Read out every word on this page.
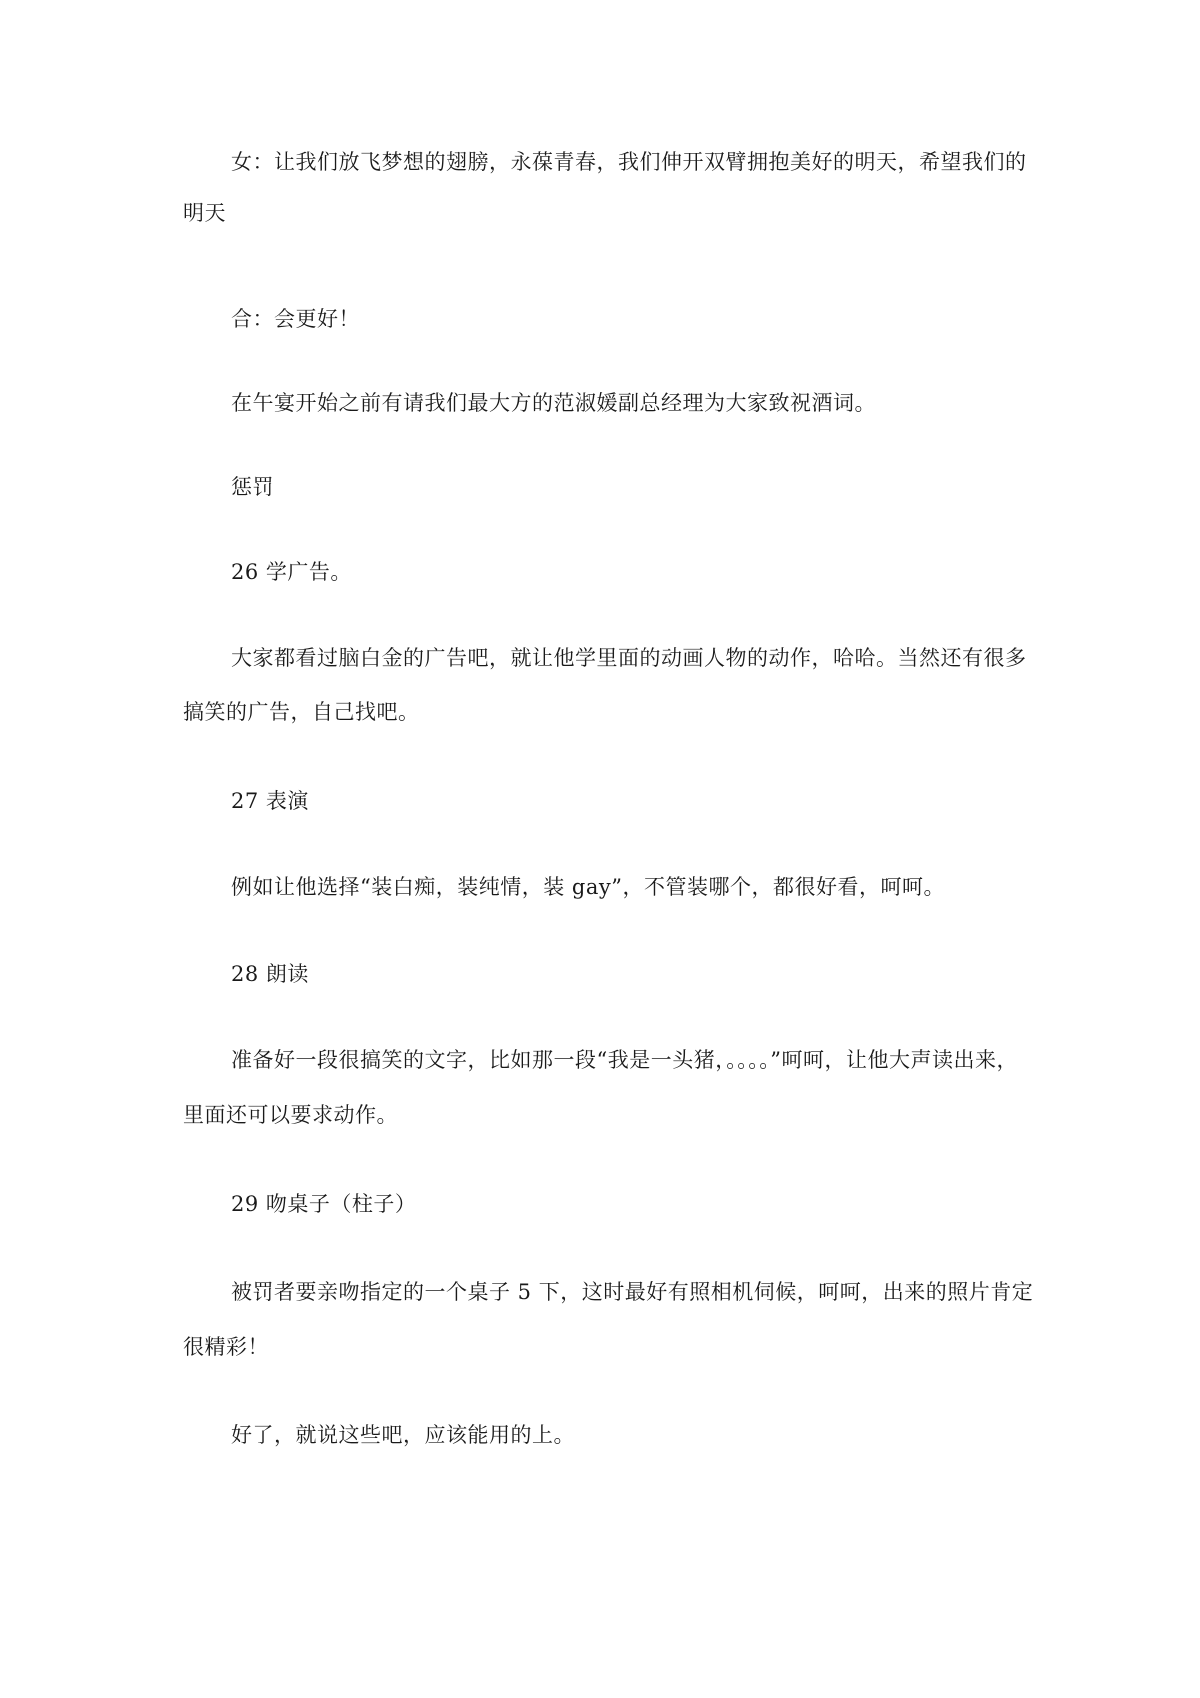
女：让我们放飞梦想的翅膀，永葆青春，我们伸开双臂拥抱美好的明天，希望我们的
明天
合：会更好！
在午宴开始之前有请我们最大方的范淑媛副总经理为大家致祝酒词。
惩罚
26 学广告。
大家都看过脑白金的广告吧，就让他学里面的动画人物的动作，哈哈。当然还有很多
搞笑的广告，自己找吧。
27 表演
例如让他选择“装白痴，装纯情，装 gay”，不管装哪个，都很好看，呵呵。
28 朗读
准备好一段很搞笑的文字，比如那一段“我是一头猪，。。。。”呵呵，让他大声读出来，
里面还可以要求动作。
29 吻桌子（柱子）
被罚者要亲吻指定的一个桌子 5 下，这时最好有照相机伺候，呵呵，出来的照片肯定
很精彩！
好了，就说这些吧，应该能用的上。
